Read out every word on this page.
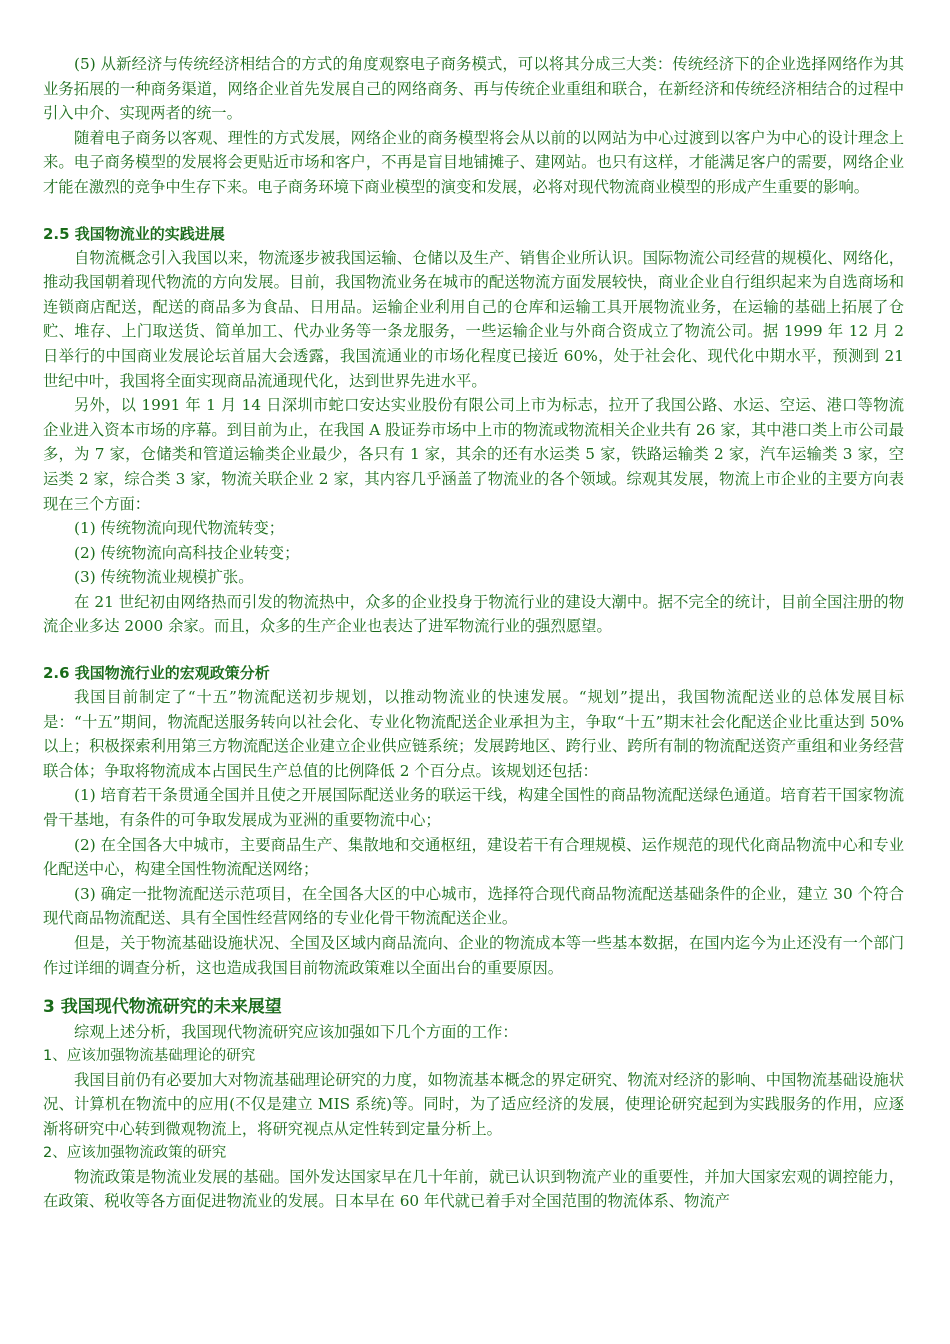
(5) 从新经济与传统经济相结合的方式的角度观察电子商务模式，可以将其分成三大类：传统经济下的企业选择网络作为其业务拓展的一种商务渠道，网络企业首先发展自己的网络商务、再与传统企业重组和联合，在新经济和传统经济相结合的过程中引入中介、实现两者的统一。

随着电子商务以客观、理性的方式发展，网络企业的商务模型将会从以前的以网站为中心过渡到以客户为中心的设计理念上来。电子商务模型的发展将会更贴近市场和客户，不再是盲目地铺摊子、建网站。也只有这样，才能满足客户的需要，网络企业才能在激烈的竞争中生存下来。电子商务环境下商业模型的演变和发展，必将对现代物流商业模型的形成产生重要的影响。

2.5 我国物流业的实践进展

自物流概念引入我国以来，物流逐步被我国运输、仓储以及生产、销售企业所认识。国际物流公司经营的规模化、网络化，推动我国朝着现代物流的方向发展。目前，我国物流业务在城市的配送物流方面发展较快，商业企业自行组织起来为自选商场和连锁商店配送，配送的商品多为食品、日用品。运输企业利用自己的仓库和运输工具开展物流业务，在运输的基础上拓展了仓贮、堆存、上门取送货、简单加工、代办业务等一条龙服务，一些运输企业与外商合资成立了物流公司。据 1999 年 12 月 2 日举行的中国商业发展论坛首届大会透露，我国流通业的市场化程度已接近 60%，处于社会化、现代化中期水平，预测到 21 世纪中叶，我国将全面实现商品流通现代化，达到世界先进水平。

另外，以 1991 年 1 月 14 日深圳市蛇口安达实业股份有限公司上市为标志，拉开了我国公路、水运、空运、港口等物流企业进入资本市场的序幕。到目前为止，在我国 A 股证券市场中上市的物流或物流相关企业共有 26 家，其中港口类上市公司最多，为 7 家，仓储类和管道运输类企业最少，各只有 1 家，其余的还有水运类 5 家，铁路运输类 2 家，汽车运输类 3 家，空运类 2 家，综合类 3 家，物流关联企业 2 家，其内容几乎涵盖了物流业的各个领域。综观其发展，物流上市企业的主要方向表现在三个方面：

(1) 传统物流向现代物流转变；

(2) 传统物流向高科技企业转变；

(3) 传统物流业规模扩张。

在 21 世纪初由网络热而引发的物流热中，众多的企业投身于物流行业的建设大潮中。据不完全的统计，目前全国注册的物流企业多达 2000 余家。而且，众多的生产企业也表达了进军物流行业的强烈愿望。

2.6 我国物流行业的宏观政策分析

我国目前制定了“十五”物流配送初步规划，以推动物流业的快速发展。“规划”提出，我国物流配送业的总体发展目标是：“十五”期间，物流配送服务转向以社会化、专业化物流配送企业承担为主，争取“十五”期末社会化配送企业比重达到 50%以上；积极探索利用第三方物流配送企业建立企业供应链系统；发展跨地区、跨行业、跨所有制的物流配送资产重组和业务经营联合体；争取将物流成本占国民生产总值的比例降低 2 个百分点。该规划还包括：

(1) 培育若干条贯通全国并且使之开展国际配送业务的联运干线，构建全国性的商品物流配送绿色通道。培育若干国家物流骨干基地，有条件的可争取发展成为亚洲的重要物流中心；

(2) 在全国各大中城市，主要商品生产、集散地和交通枢纽，建设若干有合理规模、运作规范的现代化商品物流中心和专业化配送中心，构建全国性物流配送网络；

(3) 确定一批物流配送示范项目，在全国各大区的中心城市，选择符合现代商品物流配送基础条件的企业，建立 30 个符合现代商品物流配送、具有全国性经营网络的专业化骨干物流配送企业。

但是，关于物流基础设施状况、全国及区域内商品流向、企业的物流成本等一些基本数据，在国内迄今为止还没有一个部门作过详细的调查分析，这也造成我国目前物流政策难以全面出台的重要原因。

3 我国现代物流研究的未来展望

综观上述分析，我国现代物流研究应该加强如下几个方面的工作：

1、应该加强物流基础理论的研究

我国目前仍有必要加大对物流基础理论研究的力度，如物流基本概念的界定研究、物流对经济的影响、中国物流基础设施状况、计算机在物流中的应用(不仅是建立 MIS 系统)等。同时，为了适应经济的发展，使理论研究起到为实践服务的作用，应逐渐将研究中心转到微观物流上，将研究视点从定性转到定量分析上。

2、应该加强物流政策的研究

物流政策是物流业发展的基础。国外发达国家早在几十年前，就已认识到物流产业的重要性，并加大国家宏观的调控能力，在政策、税收等各方面促进物流业的发展。日本早在 60 年代就已着手对全国范围的物流体系、物流产
